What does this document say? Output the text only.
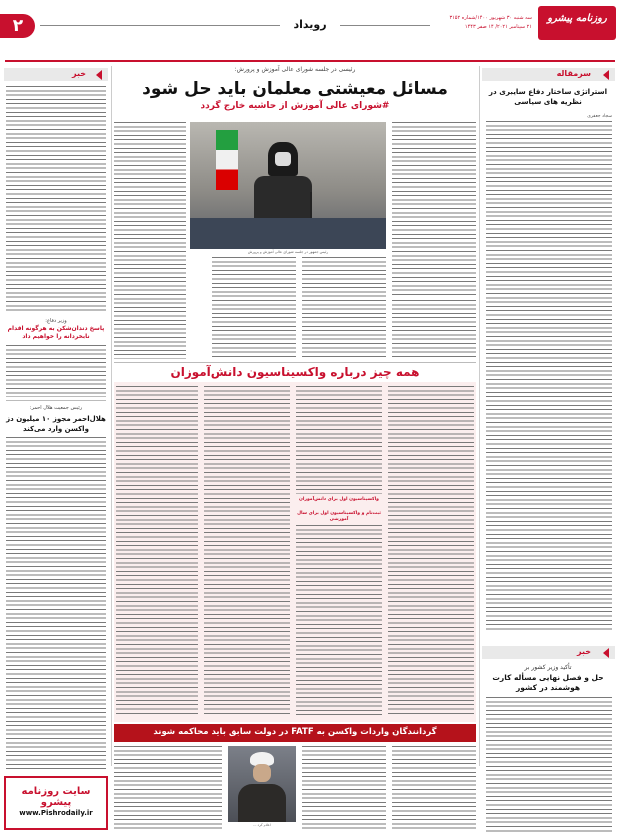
۲	رویداد	سه شنبه ۳۰ شهریور ۱۴۰۰/شماره ۳۱۵۲
۲۱ سپتامبر ۲۰۲۱/ ۱۴ صفر ۱۴۴۳
روزنامه پیشرو
سرمقاله
استراتژی ساختار دفاع سایبری در نظریه های سیاسی
سجاد جعفری
خبر
تأکید وزیر کشور بر
حل و فصل نهایی مسأله کارت هوشمند در کشور
خبر
وزیر دفاع:
پاسخ دندان‌شکن به هرگونه اقدام نابخردانه را خواهیم داد
رئیس جمعیت هلال احمر:
هلال‌احمر مجوز ۱۰ میلیون دز واکسن وارد می‌کند
سایت روزنامه پیشرو
www.Pishrodaily.ir
رئیسی در جلسه شورای عالی آموزش و پرورش:
مسائل معیشتی معلمان باید حل شود
#شورای عالی آموزش از حاشیه خارج گردد
رئیس جمهور در جلسه شورای عالی آموزش و پرورش
همه چیز درباره واکسیناسیون دانش‌آموزان
واکسیناسیون اول برای دانش‌آموزان
ثبت‌نام و واکسیناسیون اول برای سال آموزشی
گردانندگان واردات واکسن به FATF در دولت سابق باید محاکمه شوند
اعلام کرد ...
